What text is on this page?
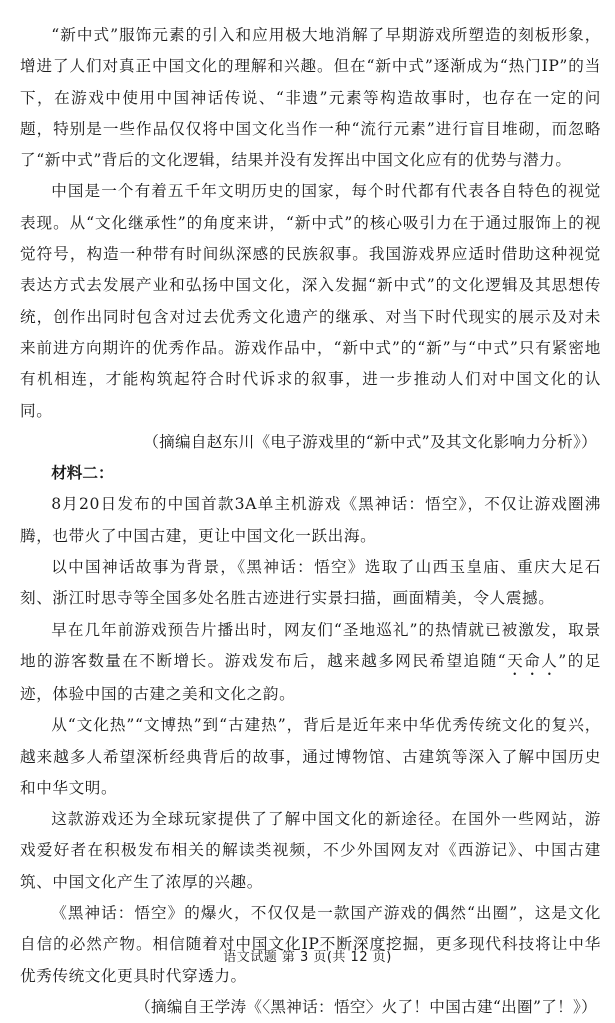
“新中式”服饰元素的引入和应用极大地消解了早期游戏所塑造的刻板形象，增进了人们对真正中国文化的理解和兴趣。但在“新中式”逐渐成为“热门IP”的当下，在游戏中使用中国神话传说、“非遗”元素等构造故事时，也存在一定的问题，特别是一些作品仅仅将中国文化当作一种“流行元素”进行盲目堆砌，而忽略了“新中式”背后的文化逻辑，结果并没有发挥出中国文化应有的优势与潜力。

中国是一个有着五千年文明历史的国家，每个时代都有代表各自特色的视觉表现。从“文化继承性”的角度来讲，“新中式”的核心吸引力在于通过服饰上的视觉符号，构造一种带有时间纵深感的民族叙事。我国游戏界应适时借助这种视觉表达方式去发展产业和弘扬中国文化，深入发掘“新中式”的文化逻辑及其思想传统，创作出同时包含对过去优秀文化遗产的继承、对当下时代现实的展示及对未来前进方向期许的优秀作品。游戏作品中，“新中式”的“新”与“中式”只有紧密地有机相连，才能构筑起符合时代诉求的叙事，进一步推动人们对中国文化的认同。

（摘编自赵东川《电子游戏里的“新中式”及其文化影响力分析》）

材料二：

8月20日发布的中国首款3A单主机游戏《黑神话：悟空》，不仅让游戏圈沸腾，也带火了中国古建，更让中国文化一跃出海。

以中国神话故事为背景，《黑神话：悟空》选取了山西玉皇庙、重庆大足石刻、浙江时思寺等全国多处名胜古迹进行实景扫描，画面精美，令人震撼。

早在几年前游戏预告片播出时，网友们“圣地巡礼”的热情就已被激发，取景地的游客数量在不断增长。游戏发布后，越来越多网民希望追随“天命人”的足迹，体验中国的古建之美和文化之韵。

从“文化热”“文博热”到“古建热”，背后是近年来中华优秀传统文化的复兴，越来越多人希望深析经典背后的故事，通过博物馆、古建筑等深入了解中国历史和中华文明。

这款游戏还为全球玩家提供了了解中国文化的新途径。在国外一些网站，游戏爱好者在积极发布相关的解读类视频，不少外国网友对《西游记》、中国古建筑、中国文化产生了浓厚的兴趣。

《黑神话：悟空》的爆火，不仅仅是一款国产游戏的偶然“出圈”，这是文化自信的必然产物。相信随着对中国文化IP不断深度挖掘，更多现代科技将让中华优秀传统文化更具时代穿透力。

（摘编自王学涛《〈黑神话：悟空〉火了！中国古建“出圈”了！》）

语文试题 第 3 页(共 12 页)
